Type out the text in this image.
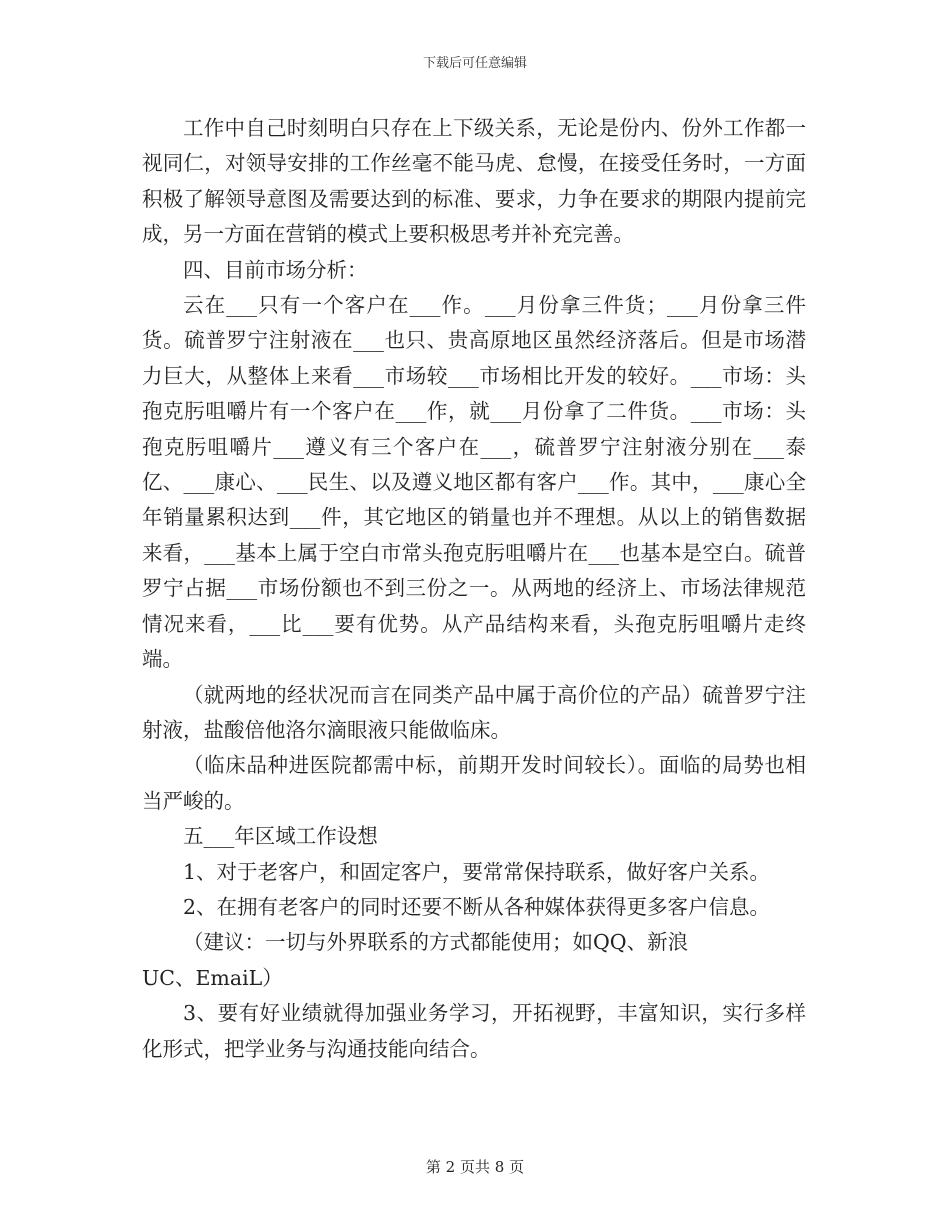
下载后可任意编辑

工作中自己时刻明白只存在上下级关系，无论是份内、份外工作都一视同仁，对领导安排的工作丝毫不能马虎、怠慢，在接受任务时，一方面积极了解领导意图及需要达到的标准、要求，力争在要求的期限内提前完成，另一方面在营销的模式上要积极思考并补充完善。

四、目前市场分析：

云在___只有一个客户在___作。___月份拿三件货；___月份拿三件货。硫普罗宁注射液在___也只、贵高原地区虽然经济落后。但是市场潜力巨大，从整体上来看___市场较___市场相比开发的较好。___市场：头孢克肟咀嚼片有一个客户在___作，就___月份拿了二件货。___市场：头孢克肟咀嚼片___遵义有三个客户在___，硫普罗宁注射液分别在___泰亿、___康心、___民生、以及遵义地区都有客户___作。其中，___康心全年销量累积达到___件，其它地区的销量也并不理想。从以上的销售数据来看，___基本上属于空白市常头孢克肟咀嚼片在___也基本是空白。硫普罗宁占据___市场份额也不到三份之一。从两地的经济上、市场法律规范情况来看，___比___要有优势。从产品结构来看，头孢克肟咀嚼片走终端。

（就两地的经状况而言在同类产品中属于高价位的产品）硫普罗宁注射液，盐酸倍他洛尔滴眼液只能做临床。

（临床品种进医院都需中标，前期开发时间较长）。面临的局势也相当严峻的。

五___年区域工作设想

1、对于老客户，和固定客户，要常常保持联系，做好客户关系。

2、在拥有老客户的同时还要不断从各种媒体获得更多客户信息。

（建议：一切与外界联系的方式都能使用；如QQ、新浪

UC、EmaiL）

3、要有好业绩就得加强业务学习，开拓视野，丰富知识，实行多样化形式，把学业务与沟通技能向结合。

第 2 页共 8 页
